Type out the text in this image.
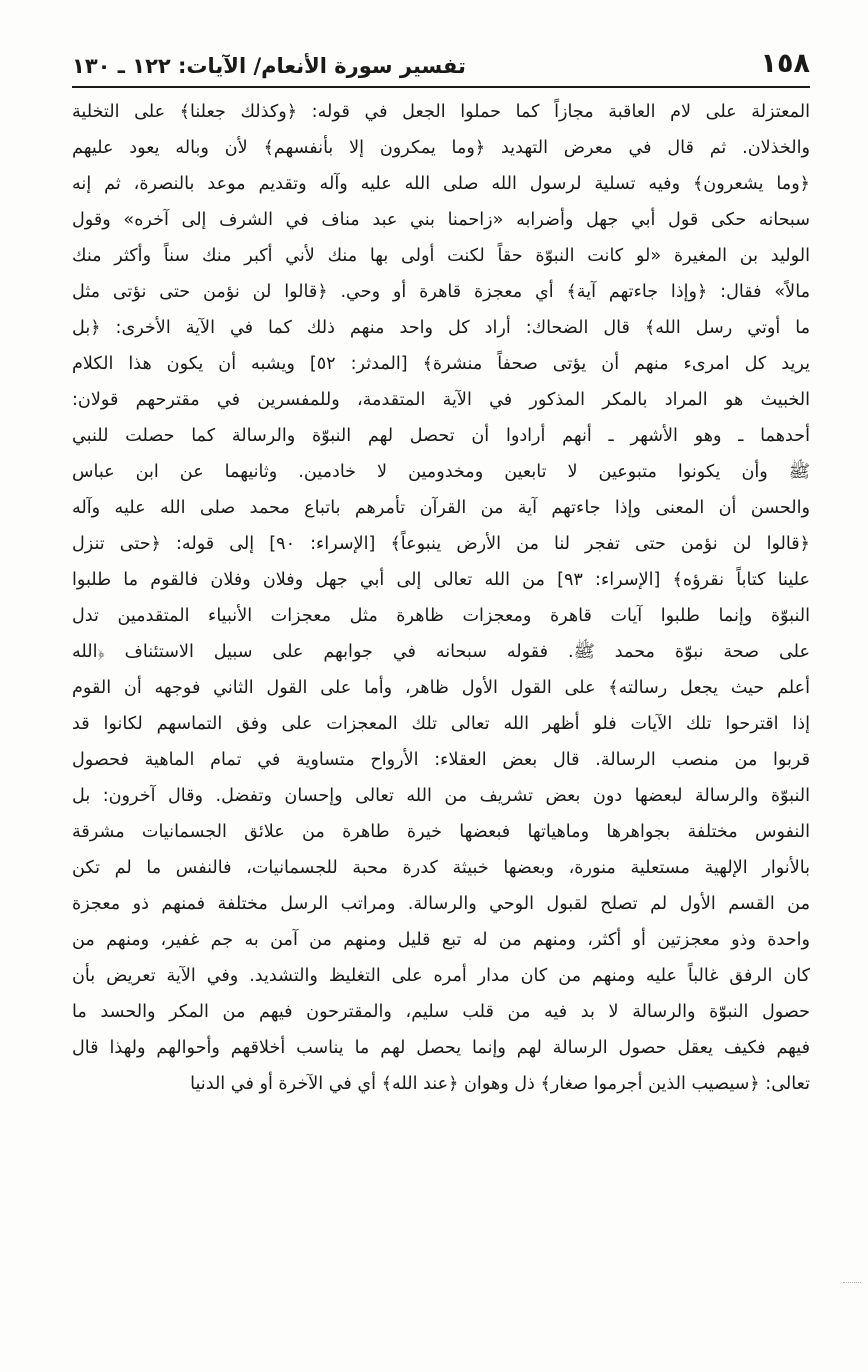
١٥٨
تفسير سورة الأنعام/ الآيات: ١٢٢ ـ ١٣٠
المعتزلة على لام العاقبة مجازاً كما حملوا الجعل في قوله: ﴿وكذلك جعلنا﴾ على التخلية
والخذلان. ثم قال في معرض التهديد ﴿وما يمكرون إلا بأنفسهم﴾ لأن وباله يعود عليهم
﴿وما يشعرون﴾ وفيه تسلية لرسول الله صلى الله عليه وآله وتقديم موعد بالنصرة، ثم إنه
سبحانه حكى قول أبي جهل وأضرابه «زاحمنا بني عبد مناف في الشرف إلى آخره» وقول
الوليد بن المغيرة «لو كانت النبوّة حقاً لكنت أولى بها منك لأني أكبر منك سناً وأكثر منك
مالاً» فقال: ﴿وإذا جاءتهم آية﴾ أي معجزة قاهرة أو وحي. ﴿قالوا لن نؤمن حتى نؤتى مثل
ما أوتي رسل الله﴾ قال الضحاك: أراد كل واحد منهم ذلك كما في الآية الأخرى: ﴿بل
يريد كل امرىء منهم أن يؤتى صحفاً منشرة﴾ [المدثر: ٥٢] ويشبه أن يكون هذا الكلام
الخبيث هو المراد بالمكر المذكور في الآية المتقدمة، وللمفسرين في مقترحهم قولان:
أحدهما ـ وهو الأشهر ـ أنهم أرادوا أن تحصل لهم النبوّة والرسالة كما حصلت للنبي
ﷺ وأن يكونوا متبوعين لا تابعين ومخدومين لا خادمين. وثانيهما عن ابن عباس
والحسن أن المعنى وإذا جاءتهم آية من القرآن تأمرهم باتباع محمد صلى الله عليه وآله
﴿قالوا لن نؤمن حتى تفجر لنا من الأرض ينبوعاً﴾ [الإسراء: ٩٠] إلى قوله: ﴿حتى تنزل
علينا كتاباً نقرؤه﴾ [الإسراء: ٩٣] من الله تعالى إلى أبي جهل وفلان وفلان فالقوم ما طلبوا
النبوّة وإنما طلبوا آيات قاهرة ومعجزات ظاهرة مثل معجزات الأنبياء المتقدمين تدل
على صحة نبوّة محمد ﷺ. فقوله سبحانه في جوابهم على سبيل الاستئناف ﴿الله
أعلم حيث يجعل رسالته﴾ على القول الأول ظاهر، وأما على القول الثاني فوجهه أن القوم
إذا اقترحوا تلك الآيات فلو أظهر الله تعالى تلك المعجزات على وفق التماسهم لكانوا قد
قربوا من منصب الرسالة. قال بعض العقلاء: الأرواح متساوية في تمام الماهية فحصول
النبوّة والرسالة لبعضها دون بعض تشريف من الله تعالى وإحسان وتفضل. وقال آخرون: بل
النفوس مختلفة بجواهرها وماهياتها فبعضها خيرة طاهرة من علائق الجسمانيات مشرقة
بالأنوار الإلهية مستعلية منورة، وبعضها خبيثة كدرة محبة للجسمانيات، فالنفس ما لم تكن
من القسم الأول لم تصلح لقبول الوحي والرسالة. ومراتب الرسل مختلفة فمنهم ذو معجزة
واحدة وذو معجزتين أو أكثر، ومنهم من له تبع قليل ومنهم من آمن به جم غفير، ومنهم من
كان الرفق غالباً عليه ومنهم من كان مدار أمره على التغليظ والتشديد. وفي الآية تعريض بأن
حصول النبوّة والرسالة لا بد فيه من قلب سليم، والمقترحون فيهم من المكر والحسد ما
فيهم فكيف يعقل حصول الرسالة لهم وإنما يحصل لهم ما يناسب أخلاقهم وأحوالهم ولهذا قال
تعالى: ﴿سيصيب الذين أجرموا صغار﴾ ذل وهوان ﴿عند الله﴾ أي في الآخرة أو في الدنيا
